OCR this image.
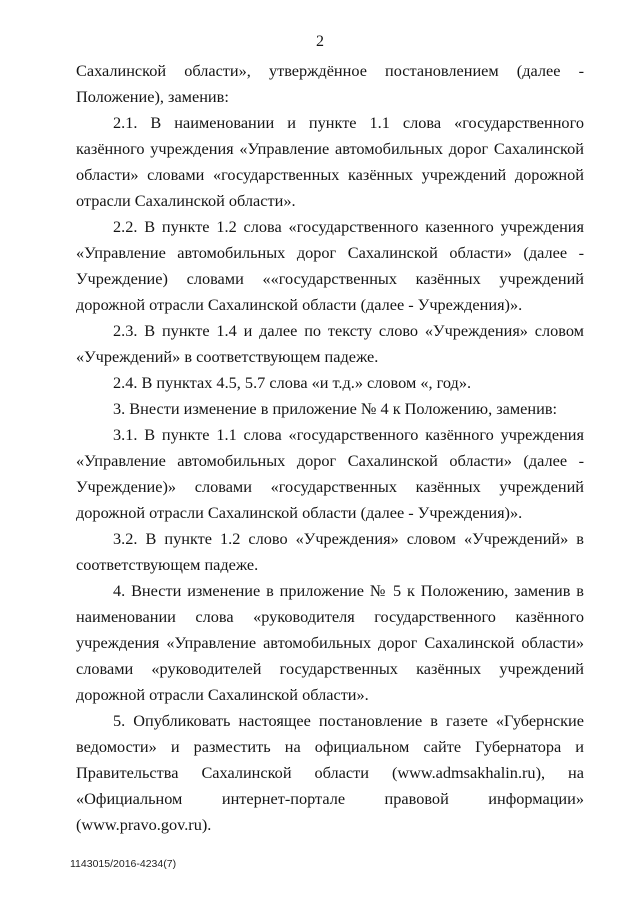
2

Сахалинской области», утверждённое постановлением (далее - Положение), заменив:

2.1. В наименовании и пункте 1.1 слова «государственного казённого учреждения «Управление автомобильных дорог Сахалинской области» словами «государственных казённых учреждений дорожной отрасли Сахалинской области».

2.2. В пункте 1.2 слова «государственного казенного учреждения «Управление автомобильных дорог Сахалинской области» (далее - Учреждение) словами ««государственных казённых учреждений дорожной отрасли Сахалинской области (далее - Учреждения)».

2.3. В пункте 1.4 и далее по тексту слово «Учреждения» словом «Учреждений» в соответствующем падеже.

2.4. В пунктах 4.5, 5.7 слова «и т.д.» словом «, год».

3. Внести изменение в приложение № 4 к Положению, заменив:

3.1. В пункте 1.1 слова «государственного казённого учреждения «Управление автомобильных дорог Сахалинской области» (далее - Учреждение)» словами «государственных казённых учреждений дорожной отрасли Сахалинской области (далее - Учреждения)».

3.2. В пункте 1.2 слово «Учреждения» словом «Учреждений» в соответствующем падеже.

4. Внести изменение в приложение № 5 к Положению, заменив в наименовании слова «руководителя государственного казённого учреждения «Управление автомобильных дорог Сахалинской области» словами «руководителей государственных казённых учреждений дорожной отрасли Сахалинской области».

5. Опубликовать настоящее постановление в газете «Губернские ведомости» и разместить на официальном сайте Губернатора и Правительства Сахалинской области (www.admsakhalin.ru), на «Официальном интернет-портале правовой информации» (www.pravo.gov.ru).

1143015/2016-4234(7)
